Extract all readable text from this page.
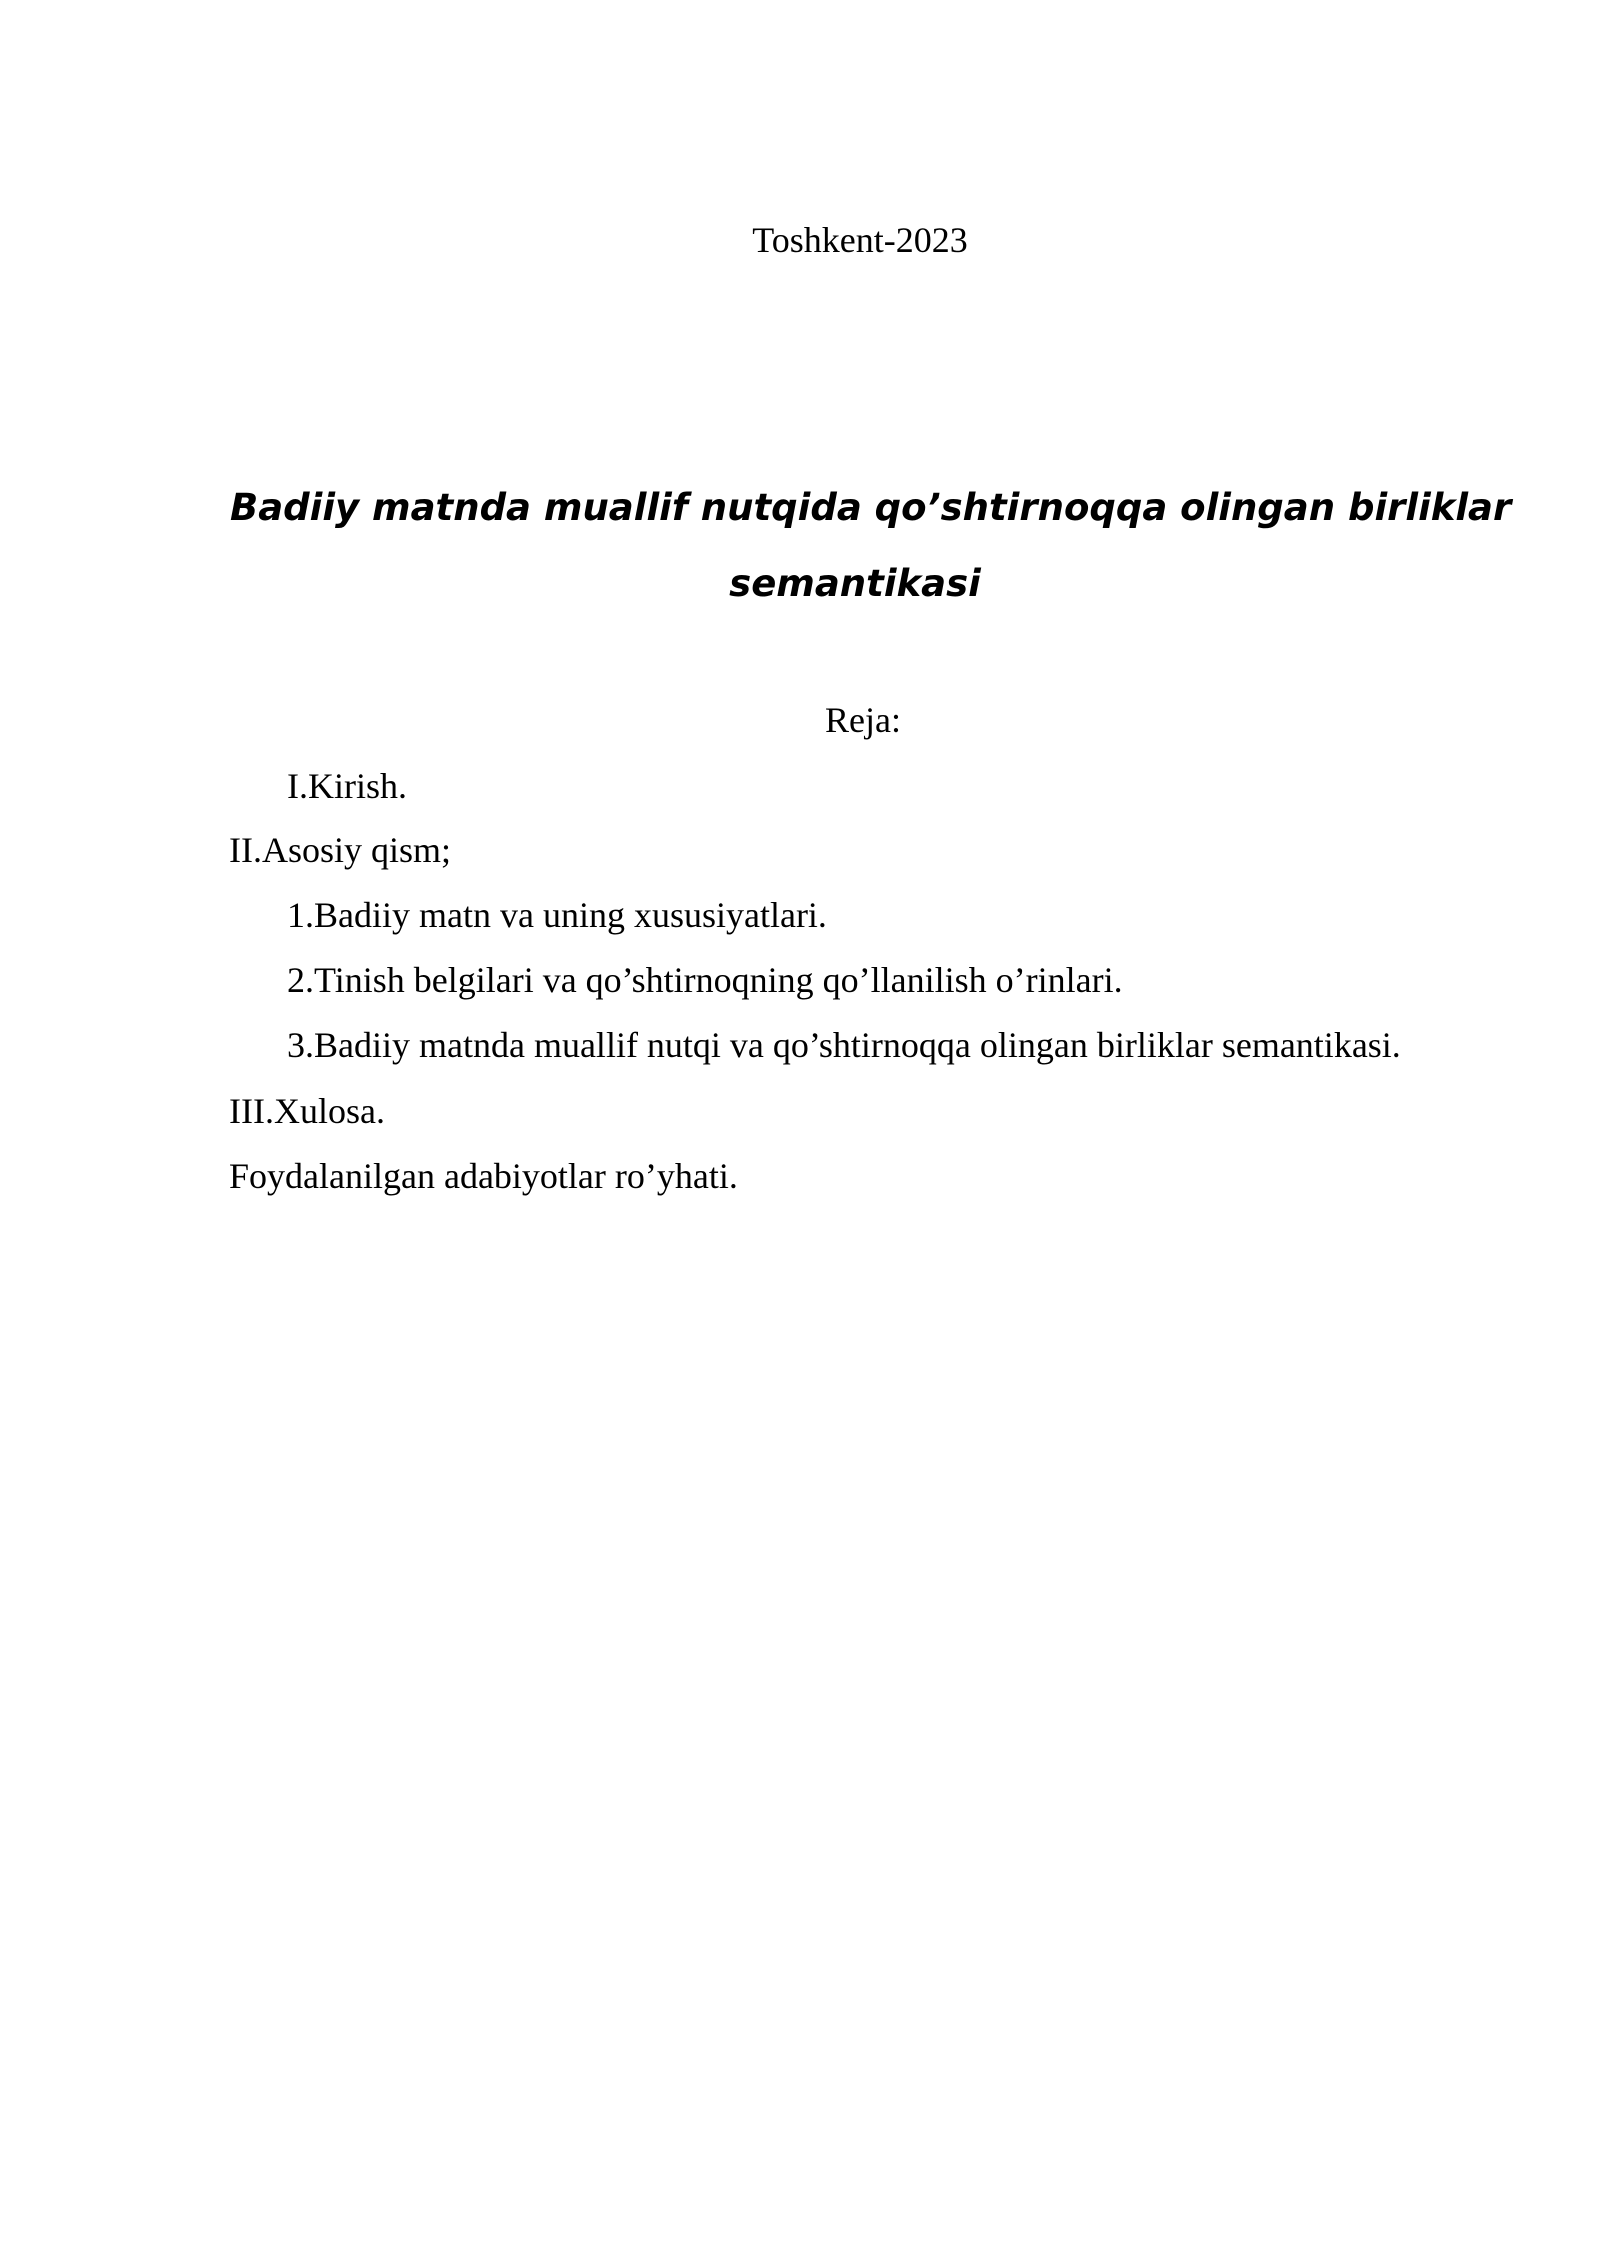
Toshkent-2023
Badiiy matnda muallif nutqida qo’shtirnoqqa olingan birliklar
semantikasi
Reja:
I.Kirish.
II.Asosiy qism;
1.Badiiy matn va uning xususiyatlari.
2.Tinish belgilari va qo’shtirnoqning qo’llanilish o’rinlari.
3.Badiiy matnda muallif nutqi va qo’shtirnoqqa olingan birliklar semantikasi.
III.Xulosa.
Foydalanilgan adabiyotlar ro’yhati.
